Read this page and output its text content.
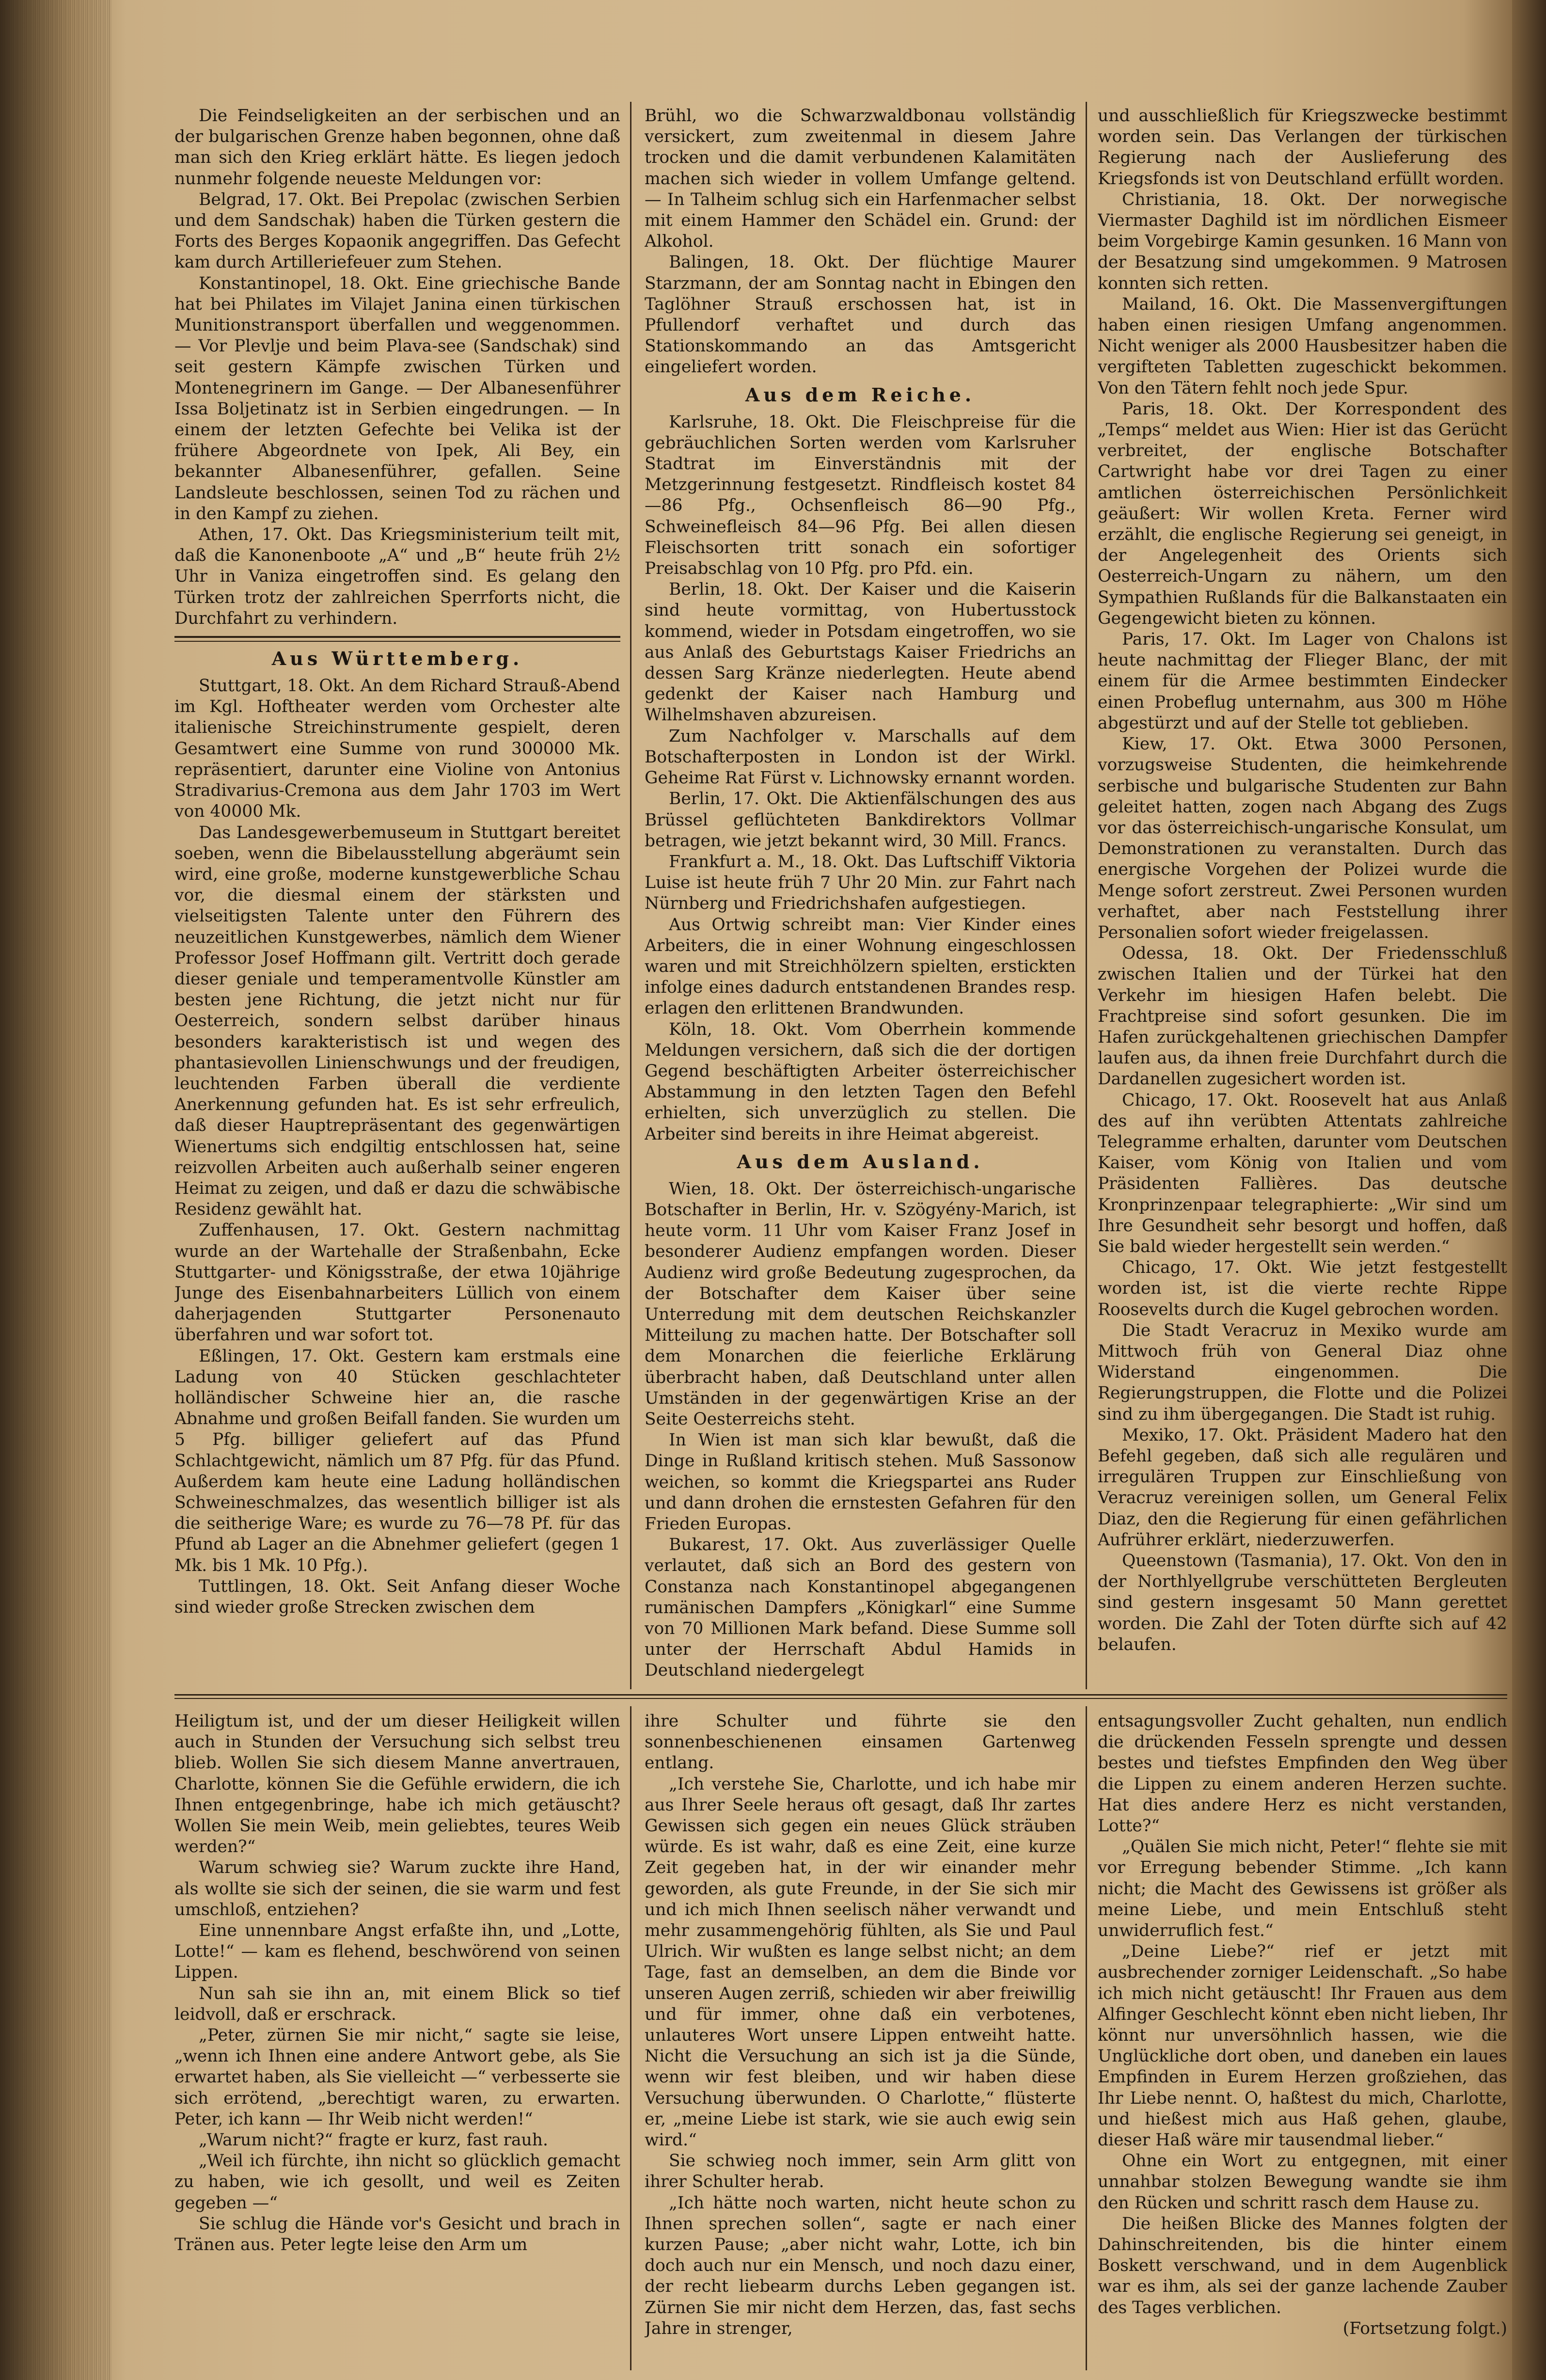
Die Feindseligkeiten an der serbischen und an der bulgarischen Grenze haben begonnen, ohne daß man sich den Krieg erklärt hätte. Es liegen jedoch nunmehr folgende neueste Meldungen vor:

Belgrad, 17. Okt. Bei Prepolac (zwischen Serbien und dem Sandschak) haben die Türken gestern die Forts des Berges Kopaonik angegriffen. Das Gefecht kam durch Artilleriefeuer zum Stehen.

Konstantinopel, 18. Okt. Eine griechische Bande hat bei Philates im Vilajet Janina einen türkischen Munitionstransport überfallen und weggenommen. — Vor Plevlje und beim Plava-see (Sandschak) sind seit gestern Kämpfe zwischen Türken und Montenegrinern im Gange. — Der Albanesenführer Issa Boljetinatz ist in Serbien eingedrungen. — In einem der letzten Gefechte bei Velika ist der frühere Abgeordnete von Ipek, Ali Bey, ein bekannter Albanesenführer, gefallen. Seine Landsleute beschlossen, seinen Tod zu rächen und in den Kampf zu ziehen.

Athen, 17. Okt. Das Kriegsministerium teilt mit, daß die Kanonenboote „A“ und „B“ heute früh 2½ Uhr in Vaniza eingetroffen sind. Es gelang den Türken trotz der zahlreichen Sperrforts nicht, die Durchfahrt zu verhindern.

Aus Württemberg.

Stuttgart, 18. Okt. An dem Richard Strauß-Abend im Kgl. Hoftheater werden vom Orchester alte italienische Streichinstrumente gespielt, deren Gesamtwert eine Summe von rund 300000 Mk. repräsentiert, darunter eine Violine von Antonius Stradivarius-Cremona aus dem Jahr 1703 im Wert von 40000 Mk.

Das Landesgewerbemuseum in Stuttgart bereitet soeben, wenn die Bibelausstellung abgeräumt sein wird, eine große, moderne kunstgewerbliche Schau vor, die diesmal einem der stärksten und vielseitigsten Talente unter den Führern des neuzeitlichen Kunstgewerbes, nämlich dem Wiener Professor Josef Hoffmann gilt. Vertritt doch gerade dieser geniale und temperamentvolle Künstler am besten jene Richtung, die jetzt nicht nur für Oesterreich, sondern selbst darüber hinaus besonders karakteristisch ist und wegen des phantasievollen Linienschwungs und der freudigen, leuchtenden Farben überall die verdiente Anerkennung gefunden hat. Es ist sehr erfreulich, daß dieser Hauptrepräsentant des gegenwärtigen Wienertums sich endgiltig entschlossen hat, seine reizvollen Arbeiten auch außerhalb seiner engeren Heimat zu zeigen, und daß er dazu die schwäbische Residenz gewählt hat.

Zuffenhausen, 17. Okt. Gestern nachmittag wurde an der Wartehalle der Straßenbahn, Ecke Stuttgarter- und Königsstraße, der etwa 10jährige Junge des Eisenbahnarbeiters Lüllich von einem daherjagenden Stuttgarter Personenauto überfahren und war sofort tot.

Eßlingen, 17. Okt. Gestern kam erstmals eine Ladung von 40 Stücken geschlachteter holländischer Schweine hier an, die rasche Abnahme und großen Beifall fanden. Sie wurden um 5 Pfg. billiger geliefert auf das Pfund Schlachtgewicht, nämlich um 87 Pfg. für das Pfund. Außerdem kam heute eine Ladung holländischen Schweineschmalzes, das wesentlich billiger ist als die seitherige Ware; es wurde zu 76—78 Pf. für das Pfund ab Lager an die Abnehmer geliefert (gegen 1 Mk. bis 1 Mk. 10 Pfg.).

Tuttlingen, 18. Okt. Seit Anfang dieser Woche sind wieder große Strecken zwischen dem

Brühl, wo die Schwarzwaldbonau vollständig versickert, zum zweitenmal in diesem Jahre trocken und die damit verbundenen Kalamitäten machen sich wieder in vollem Umfange geltend. — In Talheim schlug sich ein Harfenmacher selbst mit einem Hammer den Schädel ein. Grund: der Alkohol.

Balingen, 18. Okt. Der flüchtige Maurer Starzmann, der am Sonntag nacht in Ebingen den Taglöhner Strauß erschossen hat, ist in Pfullendorf verhaftet und durch das Stationskommando an das Amtsgericht eingeliefert worden.

Aus dem Reiche.

Karlsruhe, 18. Okt. Die Fleischpreise für die gebräuchlichen Sorten werden vom Karlsruher Stadtrat im Einverständnis mit der Metzgerinnung festgesetzt. Rindfleisch kostet 84—86 Pfg., Ochsenfleisch 86—90 Pfg., Schweinefleisch 84—96 Pfg. Bei allen diesen Fleischsorten tritt sonach ein sofortiger Preisabschlag von 10 Pfg. pro Pfd. ein.

Berlin, 18. Okt. Der Kaiser und die Kaiserin sind heute vormittag, von Hubertusstock kommend, wieder in Potsdam eingetroffen, wo sie aus Anlaß des Geburtstags Kaiser Friedrichs an dessen Sarg Kränze niederlegten. Heute abend gedenkt der Kaiser nach Hamburg und Wilhelmshaven abzureisen.

Zum Nachfolger v. Marschalls auf dem Botschafterposten in London ist der Wirkl. Geheime Rat Fürst v. Lichnowsky ernannt worden.

Berlin, 17. Okt. Die Aktienfälschungen des aus Brüssel geflüchteten Bankdirektors Vollmar betragen, wie jetzt bekannt wird, 30 Mill. Francs.

Frankfurt a. M., 18. Okt. Das Luftschiff Viktoria Luise ist heute früh 7 Uhr 20 Min. zur Fahrt nach Nürnberg und Friedrichshafen aufgestiegen.

Aus Ortwig schreibt man: Vier Kinder eines Arbeiters, die in einer Wohnung eingeschlossen waren und mit Streichhölzern spielten, erstickten infolge eines dadurch entstandenen Brandes resp. erlagen den erlittenen Brandwunden.

Köln, 18. Okt. Vom Oberrhein kommende Meldungen versichern, daß sich die der dortigen Gegend beschäftigten Arbeiter österreichischer Abstammung in den letzten Tagen den Befehl erhielten, sich unverzüglich zu stellen. Die Arbeiter sind bereits in ihre Heimat abgereist.

Aus dem Ausland.

Wien, 18. Okt. Der österreichisch-ungarische Botschafter in Berlin, Hr. v. Szögyény-Marich, ist heute vorm. 11 Uhr vom Kaiser Franz Josef in besonderer Audienz empfangen worden. Dieser Audienz wird große Bedeutung zugesprochen, da der Botschafter dem Kaiser über seine Unterredung mit dem deutschen Reichskanzler Mitteilung zu machen hatte. Der Botschafter soll dem Monarchen die feierliche Erklärung überbracht haben, daß Deutschland unter allen Umständen in der gegenwärtigen Krise an der Seite Oesterreichs steht.

In Wien ist man sich klar bewußt, daß die Dinge in Rußland kritisch stehen. Muß Sassonow weichen, so kommt die Kriegspartei ans Ruder und dann drohen die ernstesten Gefahren für den Frieden Europas.

Bukarest, 17. Okt. Aus zuverlässiger Quelle verlautet, daß sich an Bord des gestern von Constanza nach Konstantinopel abgegangenen rumänischen Dampfers „Königkarl“ eine Summe von 70 Millionen Mark befand. Diese Summe soll unter der Herrschaft Abdul Hamids in Deutschland niedergelegt

und ausschließlich für Kriegszwecke bestimmt worden sein. Das Verlangen der türkischen Regierung nach der Auslieferung des Kriegsfonds ist von Deutschland erfüllt worden.

Christiania, 18. Okt. Der norwegische Viermaster Daghild ist im nördlichen Eismeer beim Vorgebirge Kamin gesunken. 16 Mann von der Besatzung sind umgekommen. 9 Matrosen konnten sich retten.

Mailand, 16. Okt. Die Massenvergiftungen haben einen riesigen Umfang angenommen. Nicht weniger als 2000 Hausbesitzer haben die vergifteten Tabletten zugeschickt bekommen. Von den Tätern fehlt noch jede Spur.

Paris, 18. Okt. Der Korrespondent des „Temps“ meldet aus Wien: Hier ist das Gerücht verbreitet, der englische Botschafter Cartwright habe vor drei Tagen zu einer amtlichen österreichischen Persönlichkeit geäußert: Wir wollen Kreta. Ferner wird erzählt, die englische Regierung sei geneigt, in der Angelegenheit des Orients sich Oesterreich-Ungarn zu nähern, um den Sympathien Rußlands für die Balkanstaaten ein Gegengewicht bieten zu können.

Paris, 17. Okt. Im Lager von Chalons ist heute nachmittag der Flieger Blanc, der mit einem für die Armee bestimmten Eindecker einen Probeflug unternahm, aus 300 m Höhe abgestürzt und auf der Stelle tot geblieben.

Kiew, 17. Okt. Etwa 3000 Personen, vorzugsweise Studenten, die heimkehrende serbische und bulgarische Studenten zur Bahn geleitet hatten, zogen nach Abgang des Zugs vor das österreichisch-ungarische Konsulat, um Demonstrationen zu veranstalten. Durch das energische Vorgehen der Polizei wurde die Menge sofort zerstreut. Zwei Personen wurden verhaftet, aber nach Feststellung ihrer Personalien sofort wieder freigelassen.

Odessa, 18. Okt. Der Friedensschluß zwischen Italien und der Türkei hat den Verkehr im hiesigen Hafen belebt. Die Frachtpreise sind sofort gesunken. Die im Hafen zurückgehaltenen griechischen Dampfer laufen aus, da ihnen freie Durchfahrt durch die Dardanellen zugesichert worden ist.

Chicago, 17. Okt. Roosevelt hat aus Anlaß des auf ihn verübten Attentats zahlreiche Telegramme erhalten, darunter vom Deutschen Kaiser, vom König von Italien und vom Präsidenten Fallières. Das deutsche Kronprinzenpaar telegraphierte: „Wir sind um Ihre Gesundheit sehr besorgt und hoffen, daß Sie bald wieder hergestellt sein werden.“

Chicago, 17. Okt. Wie jetzt festgestellt worden ist, ist die vierte rechte Rippe Roosevelts durch die Kugel gebrochen worden.

Die Stadt Veracruz in Mexiko wurde am Mittwoch früh von General Diaz ohne Widerstand eingenommen. Die Regierungstruppen, die Flotte und die Polizei sind zu ihm übergegangen. Die Stadt ist ruhig.

Mexiko, 17. Okt. Präsident Madero hat den Befehl gegeben, daß sich alle regulären und irregulären Truppen zur Einschließung von Veracruz vereinigen sollen, um General Felix Diaz, den die Regierung für einen gefährlichen Aufrührer erklärt, niederzuwerfen.

Queenstown (Tasmania), 17. Okt. Von den in der Northlyellgrube verschütteten Bergleuten sind gestern insgesamt 50 Mann gerettet worden. Die Zahl der Toten dürfte sich auf 42 belaufen.

Heiligtum ist, und der um dieser Heiligkeit willen auch in Stunden der Versuchung sich selbst treu blieb. Wollen Sie sich diesem Manne anvertrauen, Charlotte, können Sie die Gefühle erwidern, die ich Ihnen entgegenbringe, habe ich mich getäuscht? Wollen Sie mein Weib, mein geliebtes, teures Weib werden?“

Warum schwieg sie? Warum zuckte ihre Hand, als wollte sie sich der seinen, die sie warm und fest umschloß, entziehen?

Eine unnennbare Angst erfaßte ihn, und „Lotte, Lotte!“ — kam es flehend, beschwörend von seinen Lippen.

Nun sah sie ihn an, mit einem Blick so tief leidvoll, daß er erschrack.

„Peter, zürnen Sie mir nicht,“ sagte sie leise, „wenn ich Ihnen eine andere Antwort gebe, als Sie erwartet haben, als Sie vielleicht —“ verbesserte sie sich errötend, „berechtigt waren, zu erwarten. Peter, ich kann — Ihr Weib nicht werden!“

„Warum nicht?“ fragte er kurz, fast rauh.

„Weil ich fürchte, ihn nicht so glücklich gemacht zu haben, wie ich gesollt, und weil es Zeiten gegeben —“

Sie schlug die Hände vor's Gesicht und brach in Tränen aus. Peter legte leise den Arm um

ihre Schulter und führte sie den sonnenbeschienenen einsamen Gartenweg entlang.

„Ich verstehe Sie, Charlotte, und ich habe mir aus Ihrer Seele heraus oft gesagt, daß Ihr zartes Gewissen sich gegen ein neues Glück sträuben würde. Es ist wahr, daß es eine Zeit, eine kurze Zeit gegeben hat, in der wir einander mehr geworden, als gute Freunde, in der Sie sich mir und ich mich Ihnen seelisch näher verwandt und mehr zusammengehörig fühlten, als Sie und Paul Ulrich. Wir wußten es lange selbst nicht; an dem Tage, fast an demselben, an dem die Binde vor unseren Augen zerriß, schieden wir aber freiwillig und für immer, ohne daß ein verbotenes, unlauteres Wort unsere Lippen entweiht hatte. Nicht die Versuchung an sich ist ja die Sünde, wenn wir fest bleiben, und wir haben diese Versuchung überwunden. O Charlotte,“ flüsterte er, „meine Liebe ist stark, wie sie auch ewig sein wird.“

Sie schwieg noch immer, sein Arm glitt von ihrer Schulter herab.

„Ich hätte noch warten, nicht heute schon zu Ihnen sprechen sollen“, sagte er nach einer kurzen Pause; „aber nicht wahr, Lotte, ich bin doch auch nur ein Mensch, und noch dazu einer, der recht liebearm durchs Leben gegangen ist. Zürnen Sie mir nicht dem Herzen, das, fast sechs Jahre in strenger,

entsagungsvoller Zucht gehalten, nun endlich die drückenden Fesseln sprengte und dessen bestes und tiefstes Empfinden den Weg über die Lippen zu einem anderen Herzen suchte. Hat dies andere Herz es nicht verstanden, Lotte?“

„Quälen Sie mich nicht, Peter!“ flehte sie mit vor Erregung bebender Stimme. „Ich kann nicht; die Macht des Gewissens ist größer als meine Liebe, und mein Entschluß steht unwiderruflich fest.“

„Deine Liebe?“ rief er jetzt mit ausbrechender zorniger Leidenschaft. „So habe ich mich nicht getäuscht! Ihr Frauen aus dem Alfinger Geschlecht könnt eben nicht lieben, Ihr könnt nur unversöhnlich hassen, wie die Unglückliche dort oben, und daneben ein laues Empfinden in Eurem Herzen großziehen, das Ihr Liebe nennt. O, haßtest du mich, Charlotte, und hießest mich aus Haß gehen, glaube, dieser Haß wäre mir tausendmal lieber.“

Ohne ein Wort zu entgegnen, mit einer unnahbar stolzen Bewegung wandte sie ihm den Rücken und schritt rasch dem Hause zu.

Die heißen Blicke des Mannes folgten der Dahinschreitenden, bis die hinter einem Boskett verschwand, und in dem Augenblick war es ihm, als sei der ganze lachende Zauber des Tages verblichen.

(Fortsetzung folgt.)
